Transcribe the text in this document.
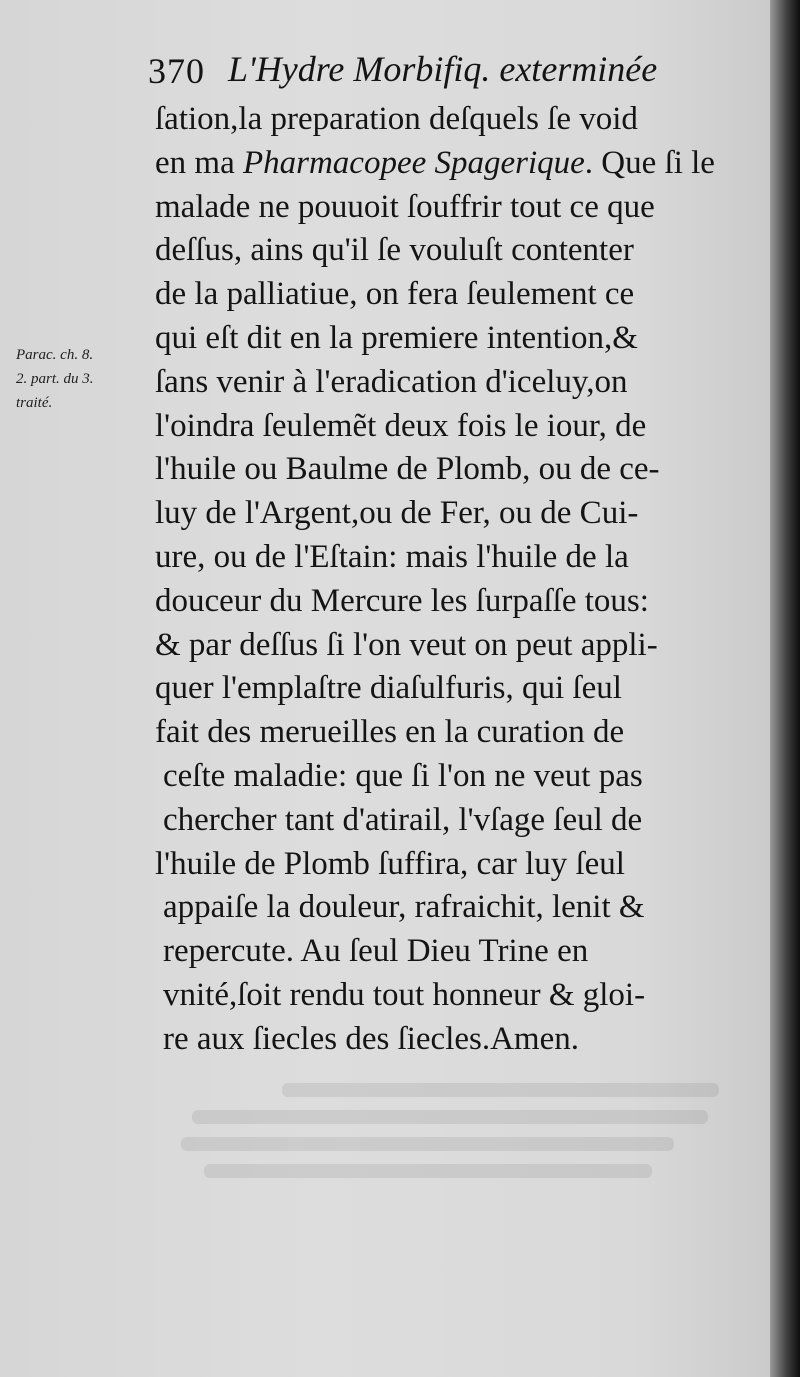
370 L'Hydre Morbifiq. exterminée
Parac. ch. 8.
2. part. du 3.
traité.
ſation,la preparation deſquels ſe void
en ma Pharmacopee Spagerique. Que ſi le
malade ne pouuoit ſouffrir tout ce que
deſſus, ains qu'il ſe vouluſt contenter
de la palliatiue, on fera ſeulement ce
qui eſt dit en la premiere intention,&
ſans venir à l'eradication d'iceluy,on
l'oindra ſeulemẽt deux fois le iour, de
l'huile ou Baulme de Plomb, ou de ce-
luy de l'Argent,ou de Fer, ou de Cui-
ure, ou de l'Eſtain: mais l'huile de la
douceur du Mercure les ſurpaſſe tous:
& par deſſus ſi l'on veut on peut appli-
quer l'emplaſtre diaſulfuris, qui ſeul
fait des merueilles en la curation de
ceſte maladie: que ſi l'on ne veut pas
chercher tant d'atirail, l'vſage ſeul de
l'huile de Plomb ſuffira, car luy ſeul
appaiſe la douleur, rafraichit, lenit &
repercute. Au ſeul Dieu Trine en
vnité,ſoit rendu tout honneur & gloi-
re aux ſiecles des ſiecles.Amen.
